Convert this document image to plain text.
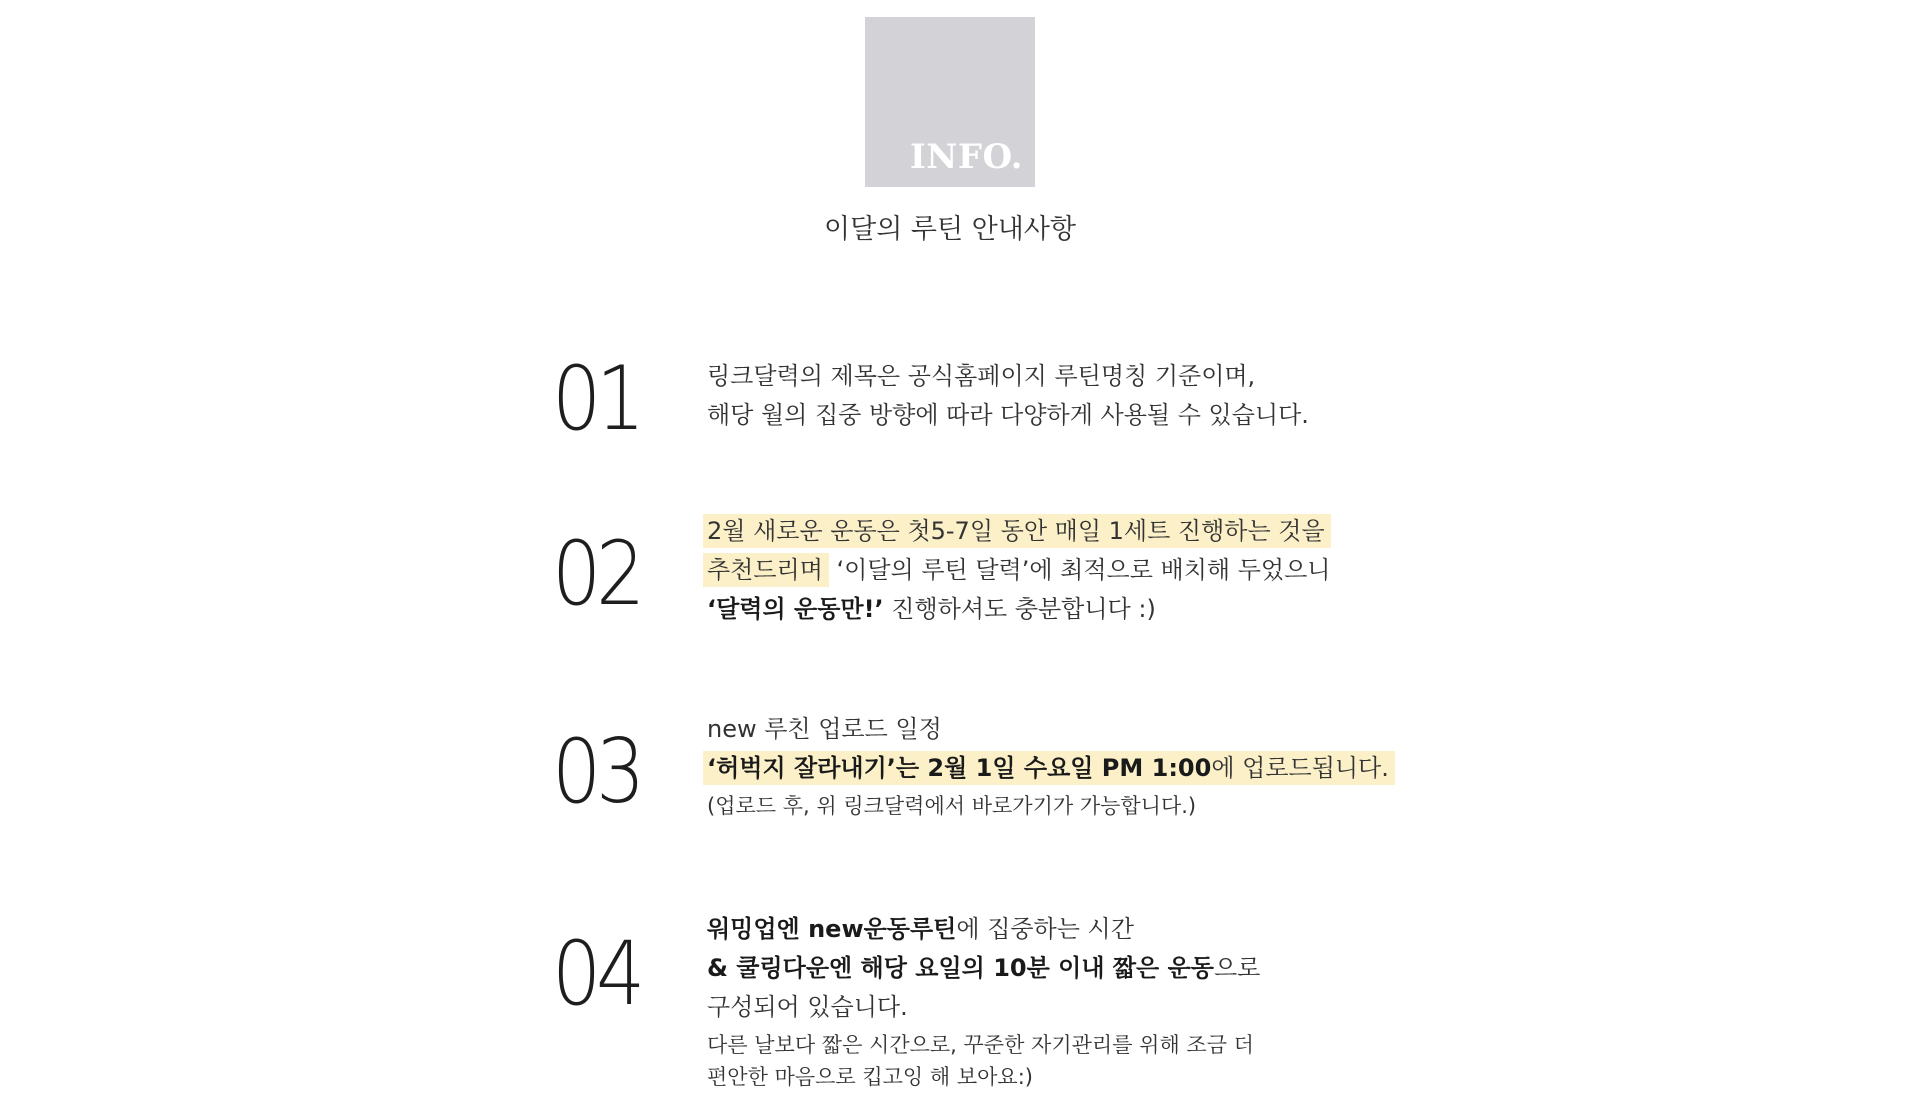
INFO.
이달의 루틴 안내사항
01	링크달력의 제목은 공식홈페이지 루틴명칭 기준이며,
해당 월의 집중 방향에 따라 다양하게 사용될 수 있습니다.
02	2월 새로운 운동은 첫5-7일 동안 매일 1세트 진행하는 것을
추천드리며 ‘이달의 루틴 달력’에 최적으로 배치해 두었으니
‘달력의 운동만!’ 진행하셔도 충분합니다 :)
03	new 루친 업로드 일정
‘허벅지 잘라내기’는 2월 1일 수요일 PM 1:00에 업로드됩니다.
(업로드 후, 위 링크달력에서 바로가기가 가능합니다.)
04	워밍업엔 new운동루틴에 집중하는 시간
& 쿨링다운엔 해당 요일의 10분 이내 짧은 운동으로
구성되어 있습니다.
다른 날보다 짧은 시간으로, 꾸준한 자기관리를 위해 조금 더
편안한 마음으로 킵고잉 해 보아요:)
